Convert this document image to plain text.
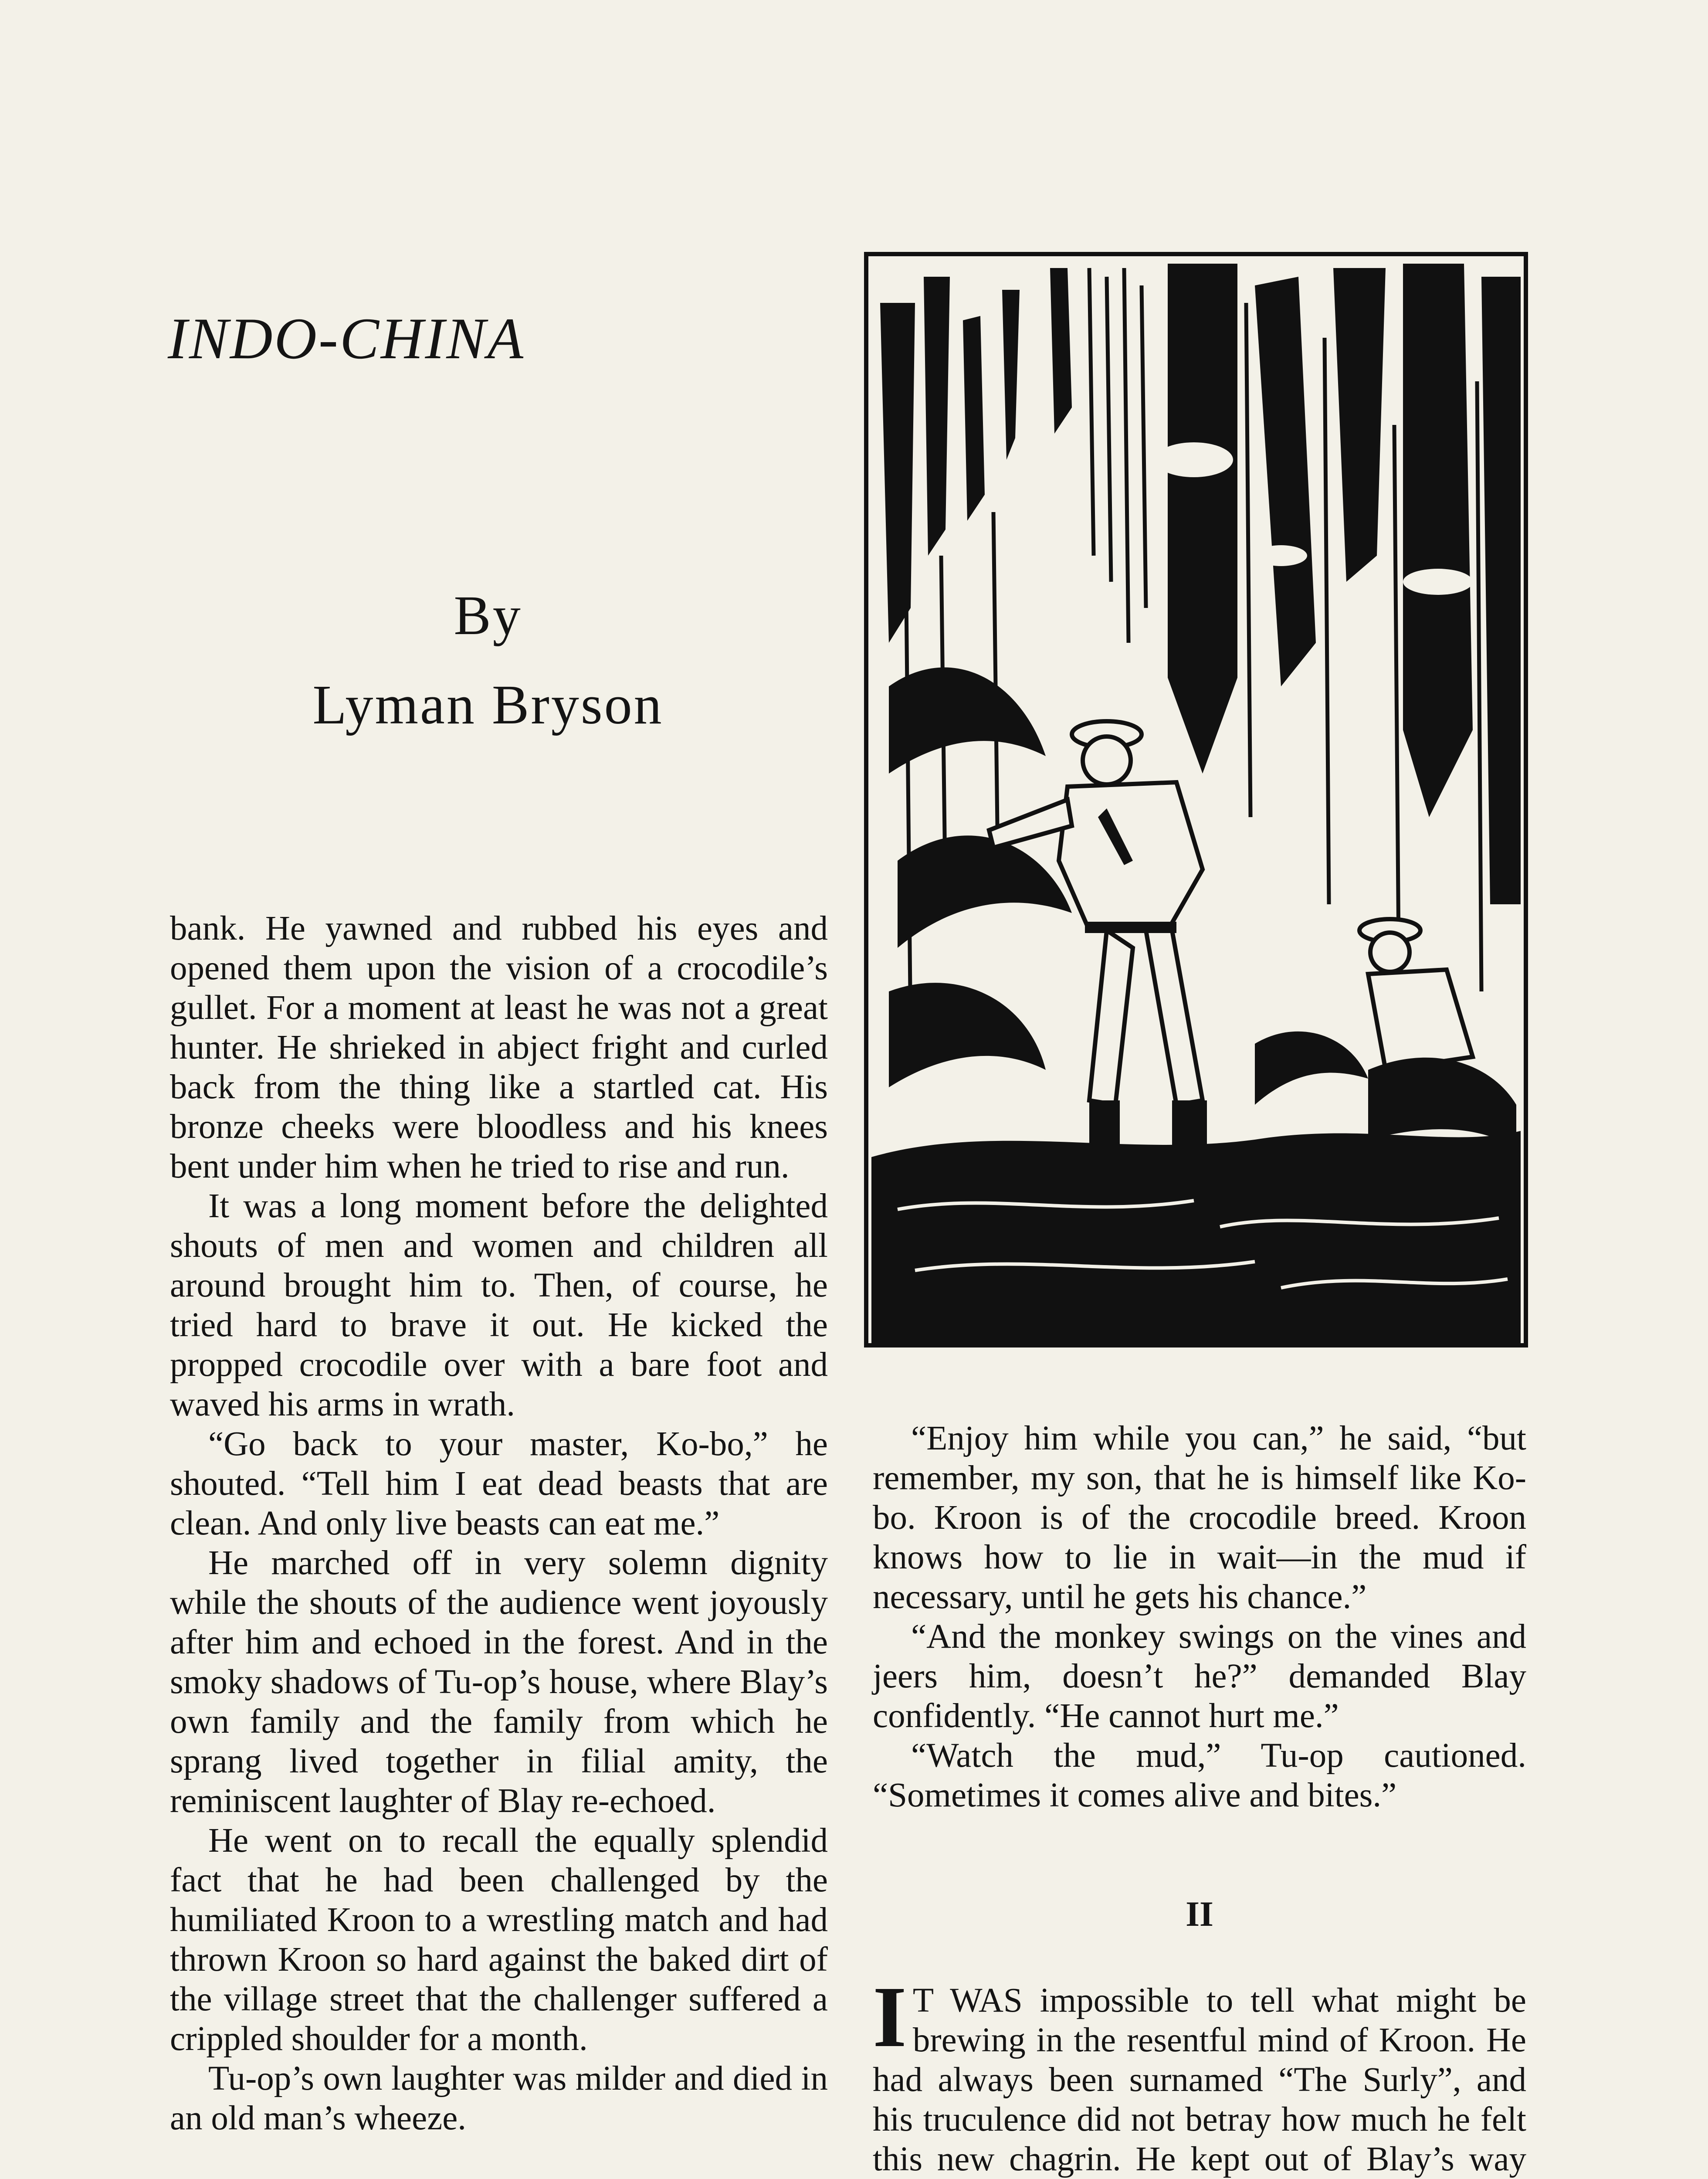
INDO-CHINA
By
Lyman Bryson

bank. He yawned and rubbed his eyes and opened them upon the vision of a crocodile’s gullet. For a moment at least he was not a great hunter. He shrieked in abject fright and curled back from the thing like a startled cat. His bronze cheeks were bloodless and his knees bent under him when he tried to rise and run.

It was a long moment before the delighted shouts of men and women and children all around brought him to. Then, of course, he tried hard to brave it out. He kicked the propped crocodile over with a bare foot and waved his arms in wrath.

“Go back to your master, Ko-bo,” he shouted. “Tell him I eat dead beasts that are clean. And only live beasts can eat me.”

He marched off in very solemn dignity while the shouts of the audience went joyously after him and echoed in the forest. And in the smoky shadows of Tu-op’s house, where Blay’s own family and the family from which he sprang lived together in filial amity, the reminiscent laughter of Blay re-echoed.

He went on to recall the equally splendid fact that he had been challenged by the humiliated Kroon to a wrestling match and had thrown Kroon so hard against the baked dirt of the village street that the challenger suffered a crippled shoulder for a month.

Tu-op’s own laughter was milder and died in an old man’s wheeze.

“Enjoy him while you can,” he said, “but remember, my son, that he is himself like Ko-bo. Kroon is of the crocodile breed. Kroon knows how to lie in wait—in the mud if necessary, until he gets his chance.”

“And the monkey swings on the vines and jeers him, doesn’t he?” demanded Blay confidently. “He cannot hurt me.”

“Watch the mud,” Tu-op cautioned. “Sometimes it comes alive and bites.”

II
I T WAS impossible to tell what might be brewing in the resentful mind of Kroon. He had always been surnamed “The Surly”, and his truculence did not betray how much he felt this new chagrin. He kept out of Blay’s way
